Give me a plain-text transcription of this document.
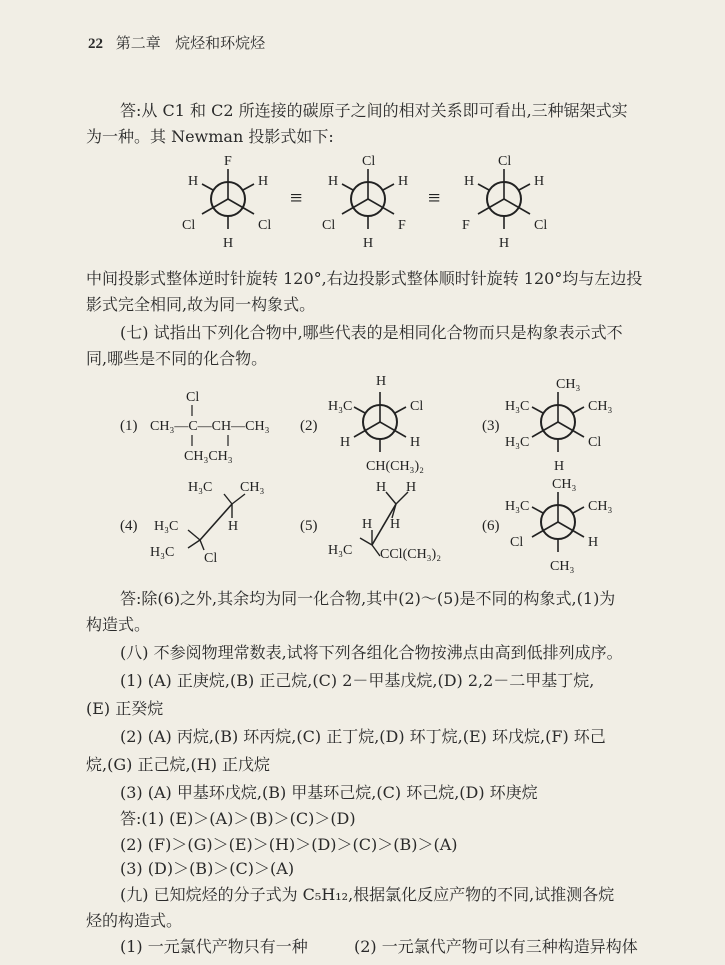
22 第二章 烷烃和环烷烃
答:从 C1 和 C2 所连接的碳原子之间的相对关系即可看出,三种锯架式实
为一种。其 Newman 投影式如下:
F
Cl	Cl
H	H
H
≡
Cl
Cl	F
H	H
H
≡
Cl
F	Cl
H	H
H
(1)
Cl
CH₃—C—CH—CH₃
CH₃CH₃
(2)
H
H₃C	Cl
H	H
CH(CH₃)₂
(3)
CH₃
H₃C	CH₃
H₃C	Cl
H
(4)
H₃C CH₃
H₃C	H
H₃C Cl
(5)
H H
H H
H₃C CCl(CH₃)₂
(6)
CH₃
H₃C	CH₃
Cl	H
CH₃
中间投影式整体逆时针旋转 120°,右边投影式整体顺时针旋转 120°均与左边投
影式完全相同,故为同一构象式。
(七) 试指出下列化合物中,哪些代表的是相同化合物而只是构象表示式不
同,哪些是不同的化合物。
答:除(6)之外,其余均为同一化合物,其中(2)～(5)是不同的构象式,(1)为
构造式。
(八) 不参阅物理常数表,试将下列各组化合物按沸点由高到低排列成序。
(1) (A) 正庚烷,(B) 正己烷,(C) 2－甲基戊烷,(D) 2,2－二甲基丁烷,
(E) 正癸烷
(2) (A) 丙烷,(B) 环丙烷,(C) 正丁烷,(D) 环丁烷,(E) 环戊烷,(F) 环己
烷,(G) 正己烷,(H) 正戊烷
(3) (A) 甲基环戊烷,(B) 甲基环己烷,(C) 环己烷,(D) 环庚烷
答:(1) (E)＞(A)＞(B)＞(C)＞(D)
(2) (F)＞(G)＞(E)＞(H)＞(D)＞(C)＞(B)＞(A)
(3) (D)＞(B)＞(C)＞(A)
(九) 已知烷烃的分子式为 C₅H₁₂,根据氯化反应产物的不同,试推测各烷
烃的构造式。
(1) 一元氯代产物只有一种	(2) 一元氯代产物可以有三种构造异构体
